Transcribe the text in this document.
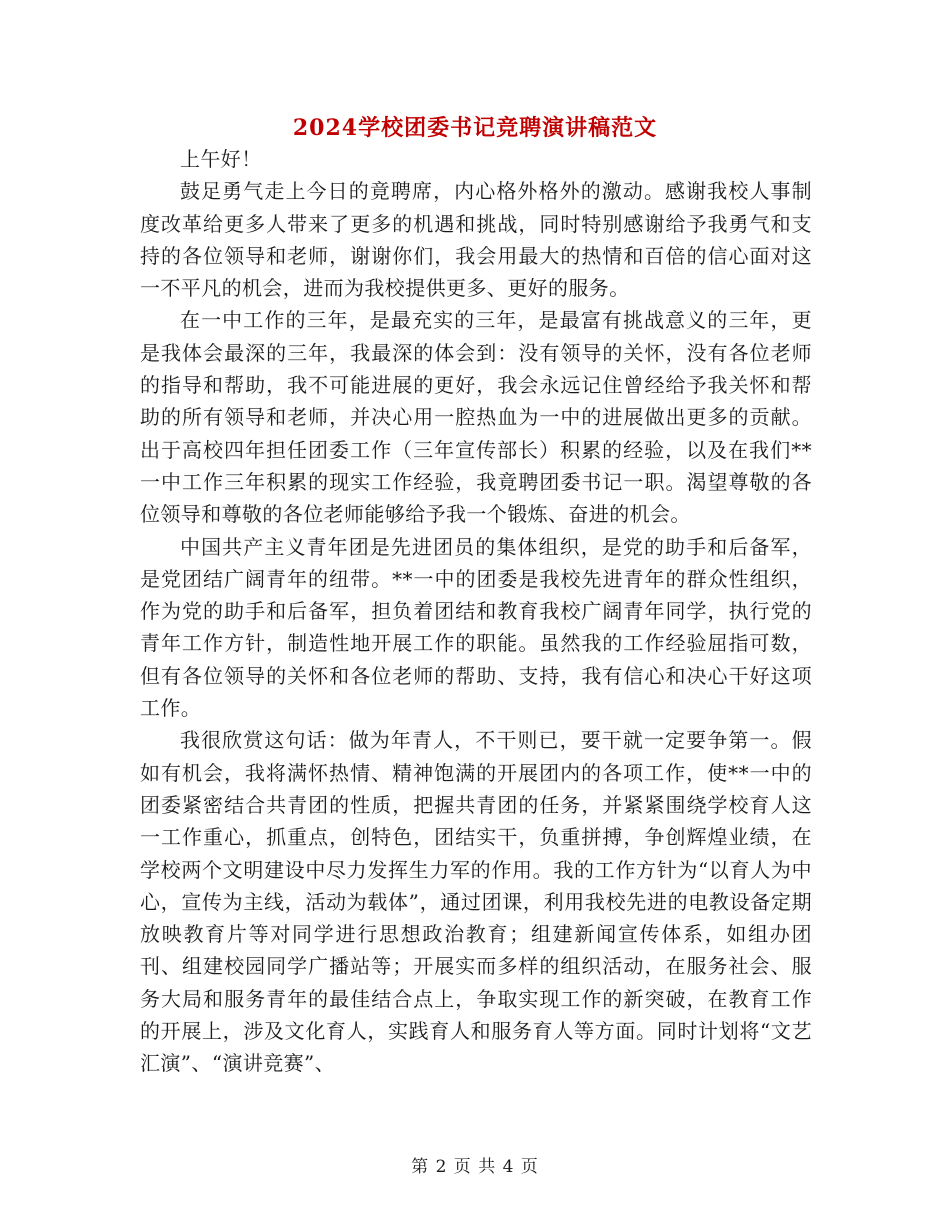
2024学校团委书记竞聘演讲稿范文

上午好！

鼓足勇气走上今日的竟聘席，内心格外格外的激动。感谢我校人事制度改革给更多人带来了更多的机遇和挑战，同时特别感谢给予我勇气和支持的各位领导和老师，谢谢你们，我会用最大的热情和百倍的信心面对这一不平凡的机会，进而为我校提供更多、更好的服务。

在一中工作的三年，是最充实的三年，是最富有挑战意义的三年，更是我体会最深的三年，我最深的体会到：没有领导的关怀，没有各位老师的指导和帮助，我不可能进展的更好，我会永远记住曾经给予我关怀和帮助的所有领导和老师，并决心用一腔热血为一中的进展做出更多的贡献。出于高校四年担任团委工作（三年宣传部长）积累的经验，以及在我们**一中工作三年积累的现实工作经验，我竟聘团委书记一职。渴望尊敬的各位领导和尊敬的各位老师能够给予我一个锻炼、奋进的机会。

中国共产主义青年团是先进团员的集体组织，是党的助手和后备军，是党团结广阔青年的纽带。**一中的团委是我校先进青年的群众性组织，作为党的助手和后备军，担负着团结和教育我校广阔青年同学，执行党的青年工作方针，制造性地开展工作的职能。虽然我的工作经验屈指可数，但有各位领导的关怀和各位老师的帮助、支持，我有信心和决心干好这项工作。

我很欣赏这句话：做为年青人，不干则已，要干就一定要争第一。假如有机会，我将满怀热情、精神饱满的开展团内的各项工作，使**一中的团委紧密结合共青团的性质，把握共青团的任务，并紧紧围绕学校育人这一工作重心，抓重点，创特色，团结实干，负重拼搏，争创辉煌业绩，在学校两个文明建设中尽力发挥生力军的作用。我的工作方针为“以育人为中心，宣传为主线，活动为载体”，通过团课，利用我校先进的电教设备定期放映教育片等对同学进行思想政治教育；组建新闻宣传体系，如组办团刊、组建校园同学广播站等；开展实而多样的组织活动，在服务社会、服务大局和服务青年的最佳结合点上，争取实现工作的新突破，在教育工作的开展上，涉及文化育人，实践育人和服务育人等方面。同时计划将“文艺汇演”、“演讲竞赛”、

第 2 页 共 4 页
